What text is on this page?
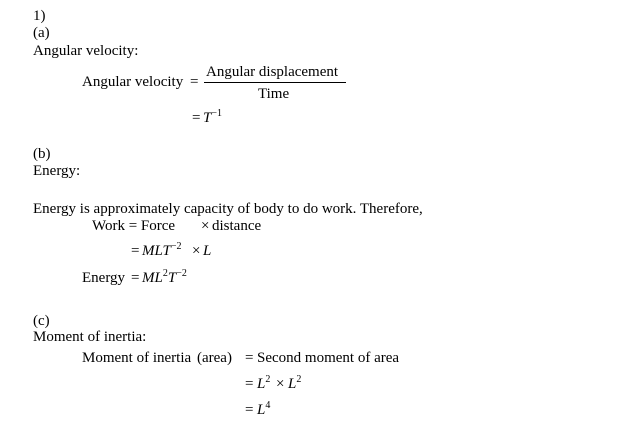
1)
(a)
Angular velocity:
Angular velocity =
Angular displacement
Time
= $T^{-1}$
(b)
Energy:
Energy is approximately capacity of body to do work. Therefore,
Work = Force × distance
= $MLT^{-2} \times L$
Energy = $ML^2T^{-2}$
(c)
Moment of inertia:
Moment of inertia (area) = Second moment of area
= $L^2 \times L^2$
= $L^4$
